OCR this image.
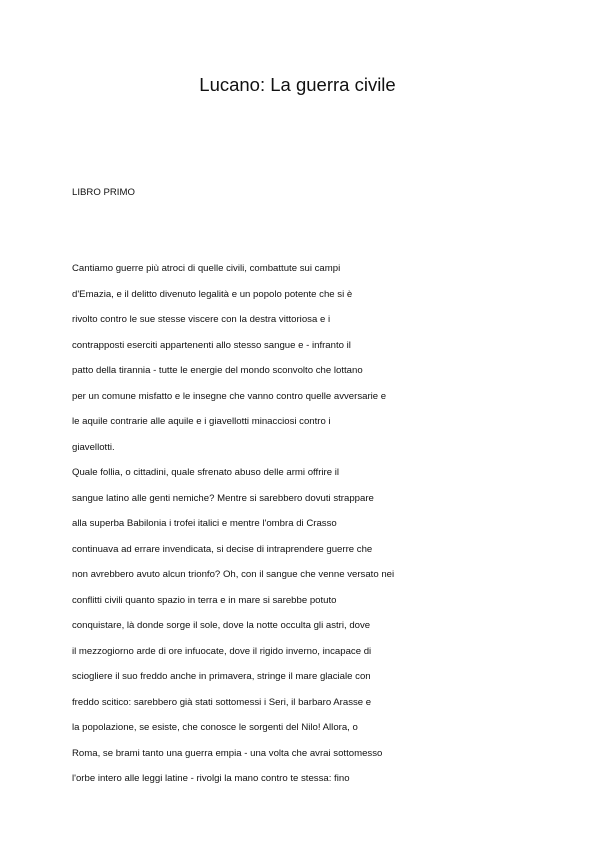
Lucano: La guerra civile
LIBRO PRIMO
Cantiamo guerre più atroci di quelle civili, combattute sui campi
d'Emazia, e il delitto divenuto legalità e un popolo potente che si è
rivolto contro le sue stesse viscere con la destra vittoriosa e i
contrapposti eserciti appartenenti allo stesso sangue e - infranto il
patto della tirannia - tutte le energie del mondo sconvolto che lottano
per un comune misfatto e le insegne che vanno contro quelle avversarie e
le aquile contrarie alle aquile e i giavellotti minacciosi contro i
giavellotti.
Quale follia, o cittadini, quale sfrenato abuso delle armi offrire il
sangue latino alle genti nemiche? Mentre si sarebbero dovuti strappare
alla superba Babilonia i trofei italici e mentre l'ombra di Crasso
continuava ad errare invendicata, si decise di intraprendere guerre che
non avrebbero avuto alcun trionfo? Oh, con il sangue che venne versato nei
conflitti civili quanto spazio in terra e in mare si sarebbe potuto
conquistare, là donde sorge il sole, dove la notte occulta gli astri, dove
il mezzogiorno arde di ore infuocate, dove il rigido inverno, incapace di
sciogliere il suo freddo anche in primavera, stringe il mare glaciale con
freddo scitico: sarebbero già stati sottomessi i Seri, il barbaro Arasse e
la popolazione, se esiste, che conosce le sorgenti del Nilo! Allora, o
Roma, se brami tanto una guerra empia - una volta che avrai sottomesso
l'orbe intero alle leggi latine - rivolgi la mano contro te stessa: fino
